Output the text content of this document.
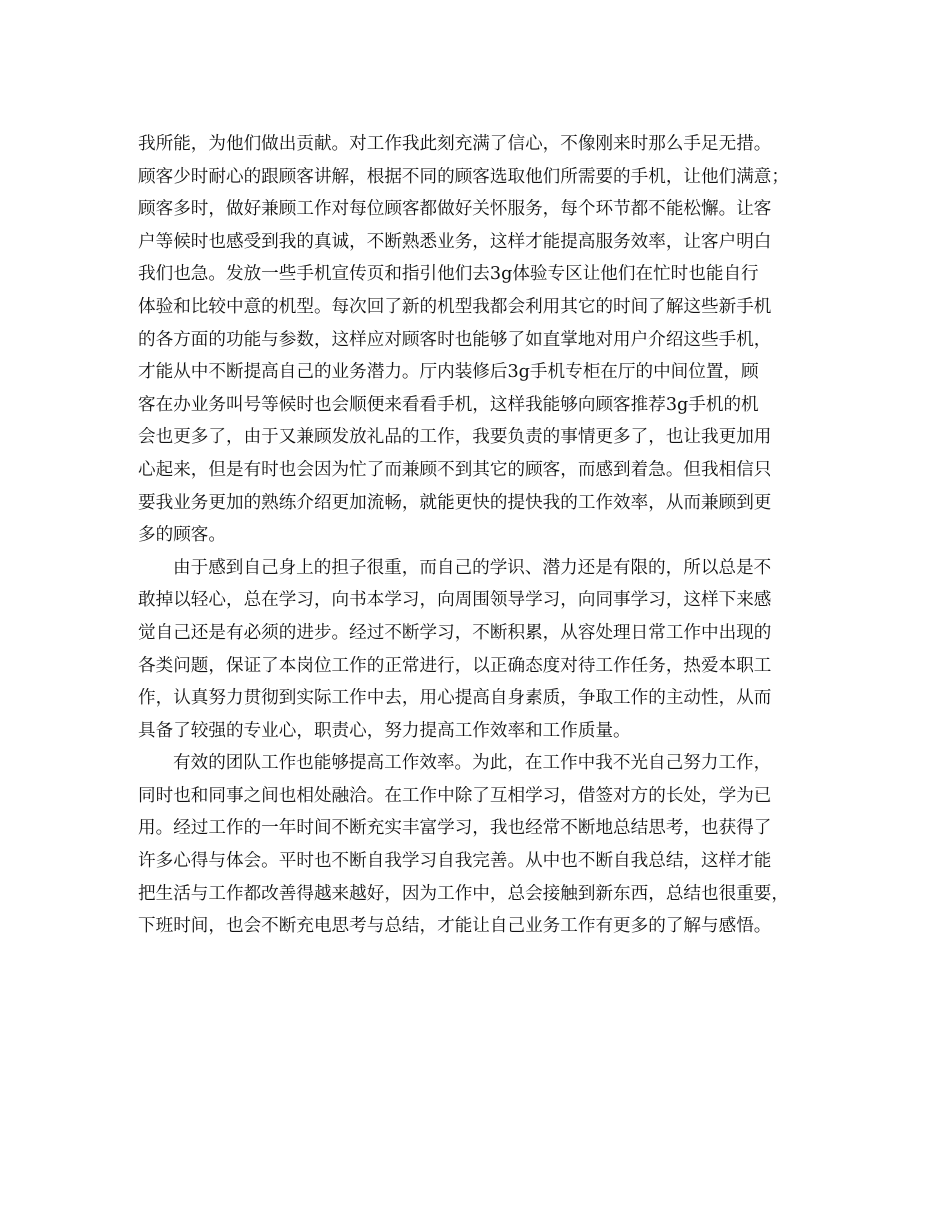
我所能，为他们做出贡献。对工作我此刻充满了信心，不像刚来时那么手足无措。
顾客少时耐心的跟顾客讲解，根据不同的顾客选取他们所需要的手机，让他们满意；
顾客多时，做好兼顾工作对每位顾客都做好关怀服务，每个环节都不能松懈。让客
户等候时也感受到我的真诚，不断熟悉业务，这样才能提高服务效率，让客户明白
我们也急。发放一些手机宣传页和指引他们去3g体验专区让他们在忙时也能自行
体验和比较中意的机型。每次回了新的机型我都会利用其它的时间了解这些新手机
的各方面的功能与参数，这样应对顾客时也能够了如直掌地对用户介绍这些手机，
才能从中不断提高自己的业务潜力。厅内装修后3g手机专柜在厅的中间位置，顾
客在办业务叫号等候时也会顺便来看看手机，这样我能够向顾客推荐3g手机的机
会也更多了，由于又兼顾发放礼品的工作，我要负责的事情更多了，也让我更加用
心起来，但是有时也会因为忙了而兼顾不到其它的顾客，而感到着急。但我相信只
要我业务更加的熟练介绍更加流畅，就能更快的提快我的工作效率，从而兼顾到更
多的顾客。
由于感到自己身上的担子很重，而自己的学识、潜力还是有限的，所以总是不
敢掉以轻心，总在学习，向书本学习，向周围领导学习，向同事学习，这样下来感
觉自己还是有必须的进步。经过不断学习，不断积累，从容处理日常工作中出现的
各类问题，保证了本岗位工作的正常进行，以正确态度对待工作任务，热爱本职工
作，认真努力贯彻到实际工作中去，用心提高自身素质，争取工作的主动性，从而
具备了较强的专业心，职责心，努力提高工作效率和工作质量。
有效的团队工作也能够提高工作效率。为此，在工作中我不光自己努力工作，
同时也和同事之间也相处融洽。在工作中除了互相学习，借签对方的长处，学为已
用。经过工作的一年时间不断充实丰富学习，我也经常不断地总结思考，也获得了
许多心得与体会。平时也不断自我学习自我完善。从中也不断自我总结，这样才能
把生活与工作都改善得越来越好，因为工作中，总会接触到新东西，总结也很重要，
下班时间，也会不断充电思考与总结，才能让自己业务工作有更多的了解与感悟。
